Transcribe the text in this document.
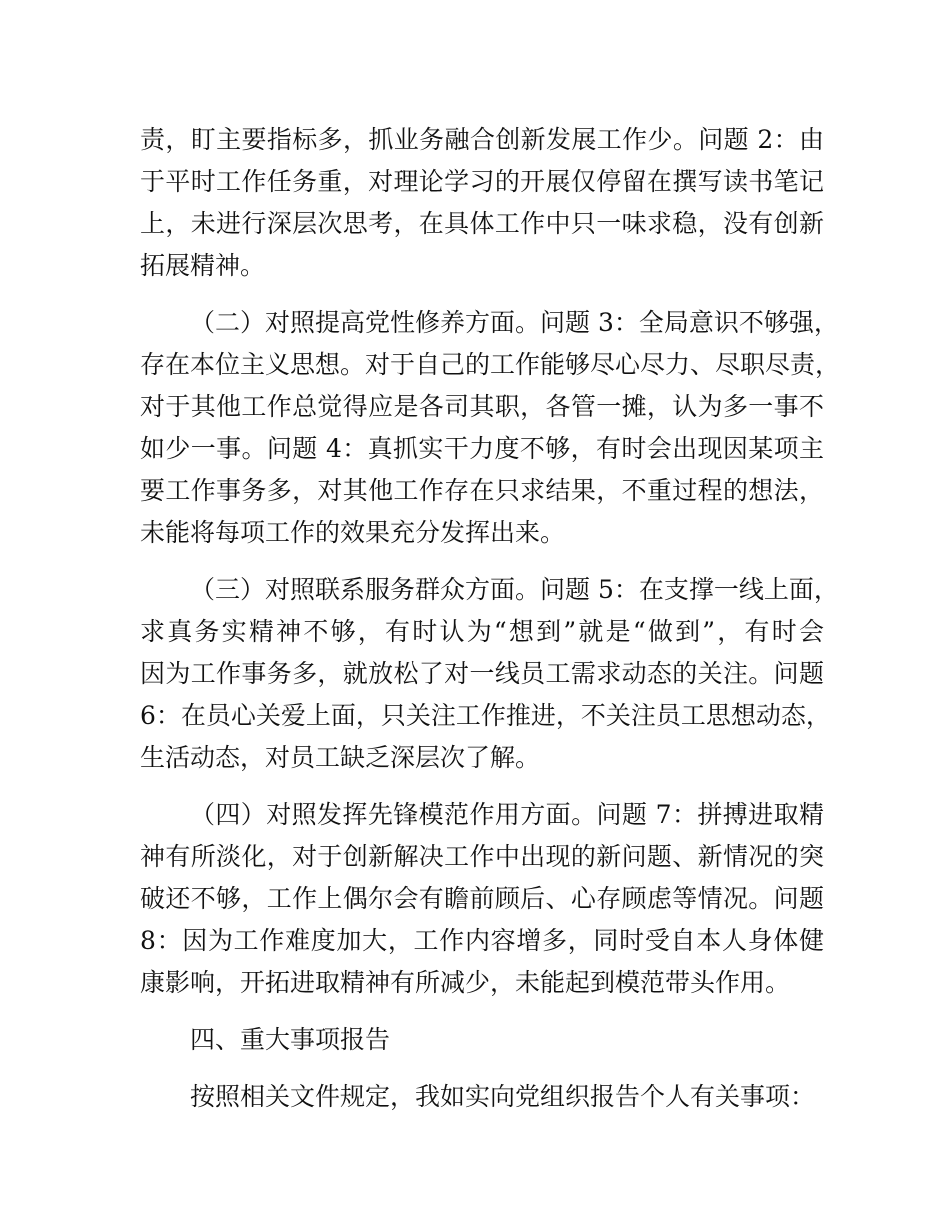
责，盯主要指标多，抓业务融合创新发展工作少。问题 2：由
于平时工作任务重，对理论学习的开展仅停留在撰写读书笔记
上，未进行深层次思考，在具体工作中只一味求稳，没有创新
拓展精神。
（二）对照提高党性修养方面。问题 3：全局意识不够强，
存在本位主义思想。对于自己的工作能够尽心尽力、尽职尽责，
对于其他工作总觉得应是各司其职，各管一摊，认为多一事不
如少一事。问题 4：真抓实干力度不够，有时会出现因某项主
要工作事务多，对其他工作存在只求结果，不重过程的想法，
未能将每项工作的效果充分发挥出来。
（三）对照联系服务群众方面。问题 5：在支撑一线上面，
求真务实精神不够，有时认为“想到”就是“做到”，有时会
因为工作事务多，就放松了对一线员工需求动态的关注。问题
6：在员心关爱上面，只关注工作推进，不关注员工思想动态，
生活动态，对员工缺乏深层次了解。
（四）对照发挥先锋模范作用方面。问题 7：拼搏进取精
神有所淡化，对于创新解决工作中出现的新问题、新情况的突
破还不够，工作上偶尔会有瞻前顾后、心存顾虑等情况。问题
8：因为工作难度加大，工作内容增多，同时受自本人身体健
康影响，开拓进取精神有所减少，未能起到模范带头作用。
四、重大事项报告
按照相关文件规定，我如实向党组织报告个人有关事项：
